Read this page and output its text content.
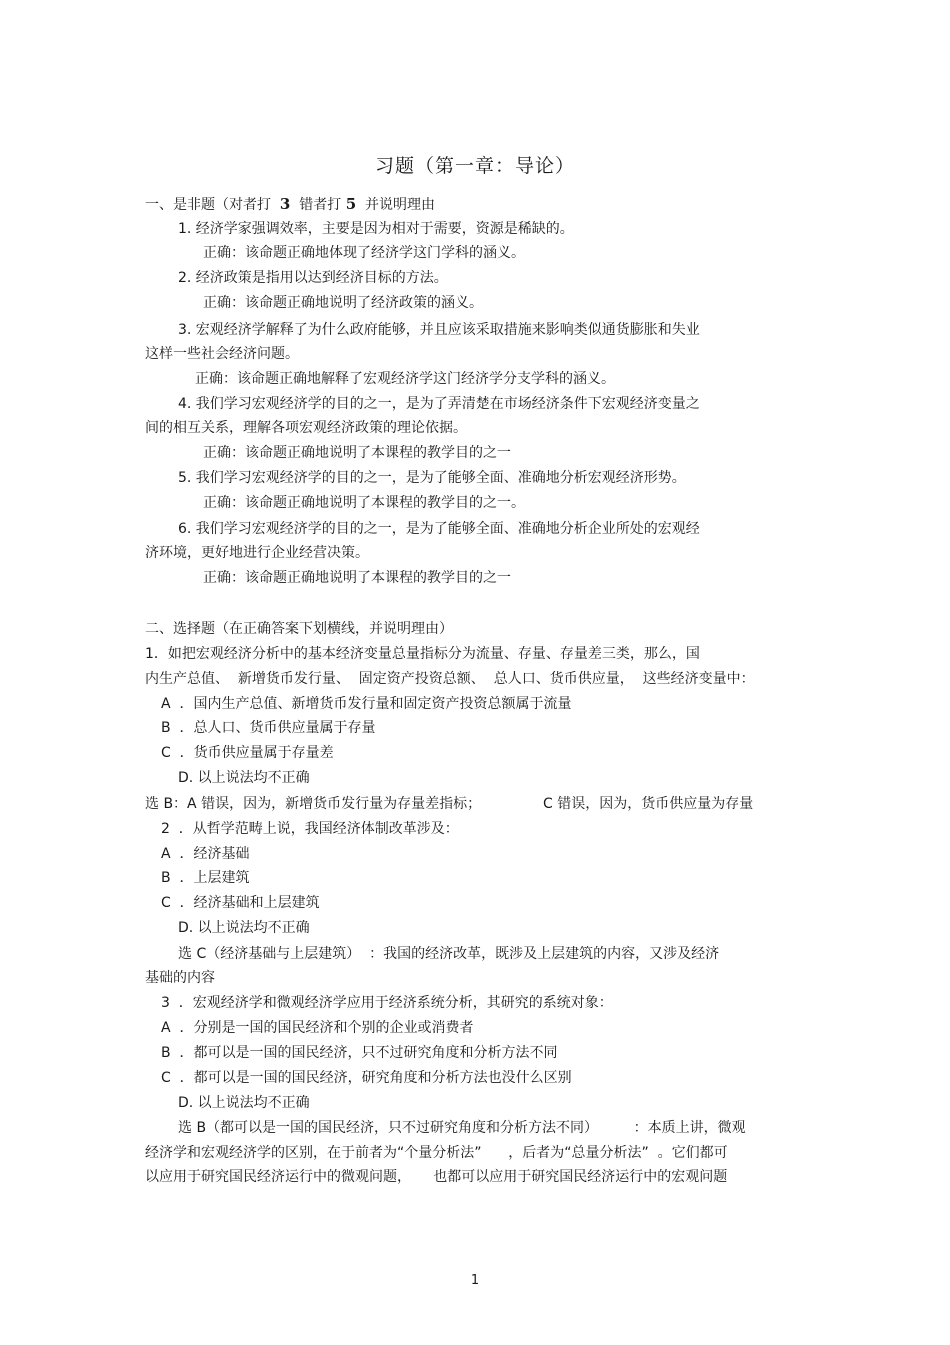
习题（第一章：导论）
一、是非题（对者打 3 错者打 5 并说明理由
1. 经济学家强调效率，主要是因为相对于需要，资源是稀缺的。
正确：该命题正确地体现了经济学这门学科的涵义。
2. 经济政策是指用以达到经济目标的方法。
正确：该命题正确地说明了经济政策的涵义。
3. 宏观经济学解释了为什么政府能够，并且应该采取措施来影响类似通货膨胀和失业
这样一些社会经济问题。
正确：该命题正确地解释了宏观经济学这门经济学分支学科的涵义。
4. 我们学习宏观经济学的目的之一，是为了弄清楚在市场经济条件下宏观经济变量之
间的相互关系，理解各项宏观经济政策的理论依据。
正确：该命题正确地说明了本课程的教学目的之一
5. 我们学习宏观经济学的目的之一，是为了能够全面、准确地分析宏观经济形势。
正确：该命题正确地说明了本课程的教学目的之一。
6. 我们学习宏观经济学的目的之一，是为了能够全面、准确地分析企业所处的宏观经
济环境，更好地进行企业经营决策。
正确：该命题正确地说明了本课程的教学目的之一
二、选择题（在正确答案下划横线，并说明理由）
1．如把宏观经济分析中的基本经济变量总量指标分为流量、存量、存量差三类，那么，国
内生产总值、  新增货币发行量、  固定资产投资总额、  总人口、货币供应量，  这些经济变量中：
A  ．国内生产总值、新增货币发行量和固定资产投资总额属于流量
B  ．总人口、货币供应量属于存量
C  ．货币供应量属于存量差
D. 以上说法均不正确
选 B：A 错误，因为，新增货币发行量为存量差指标；	C 错误，因为，货币供应量为存量
2  ．从哲学范畴上说，我国经济体制改革涉及：
A  ．经济基础
B  ．上层建筑
C  ．经济基础和上层建筑
D. 以上说法均不正确
选 C（经济基础与上层建筑）  ：我国的经济改革，既涉及上层建筑的内容，又涉及经济
基础的内容
3  ．宏观经济学和微观经济学应用于经济系统分析，其研究的系统对象：
A  ．分别是一国的国民经济和个别的企业或消费者
B  ．都可以是一国的国民经济，只不过研究角度和分析方法不同
C  ．都可以是一国的国民经济，研究角度和分析方法也没什么区别
D. 以上说法均不正确
选 B（都可以是一国的国民经济，只不过研究角度和分析方法不同）        ：本质上讲，微观
经济学和宏观经济学的区别，在于前者为“个量分析法”      ，后者为“总量分析法”  。它们都可
以应用于研究国民经济运行中的微观问题，     也都可以应用于研究国民经济运行中的宏观问题
1
